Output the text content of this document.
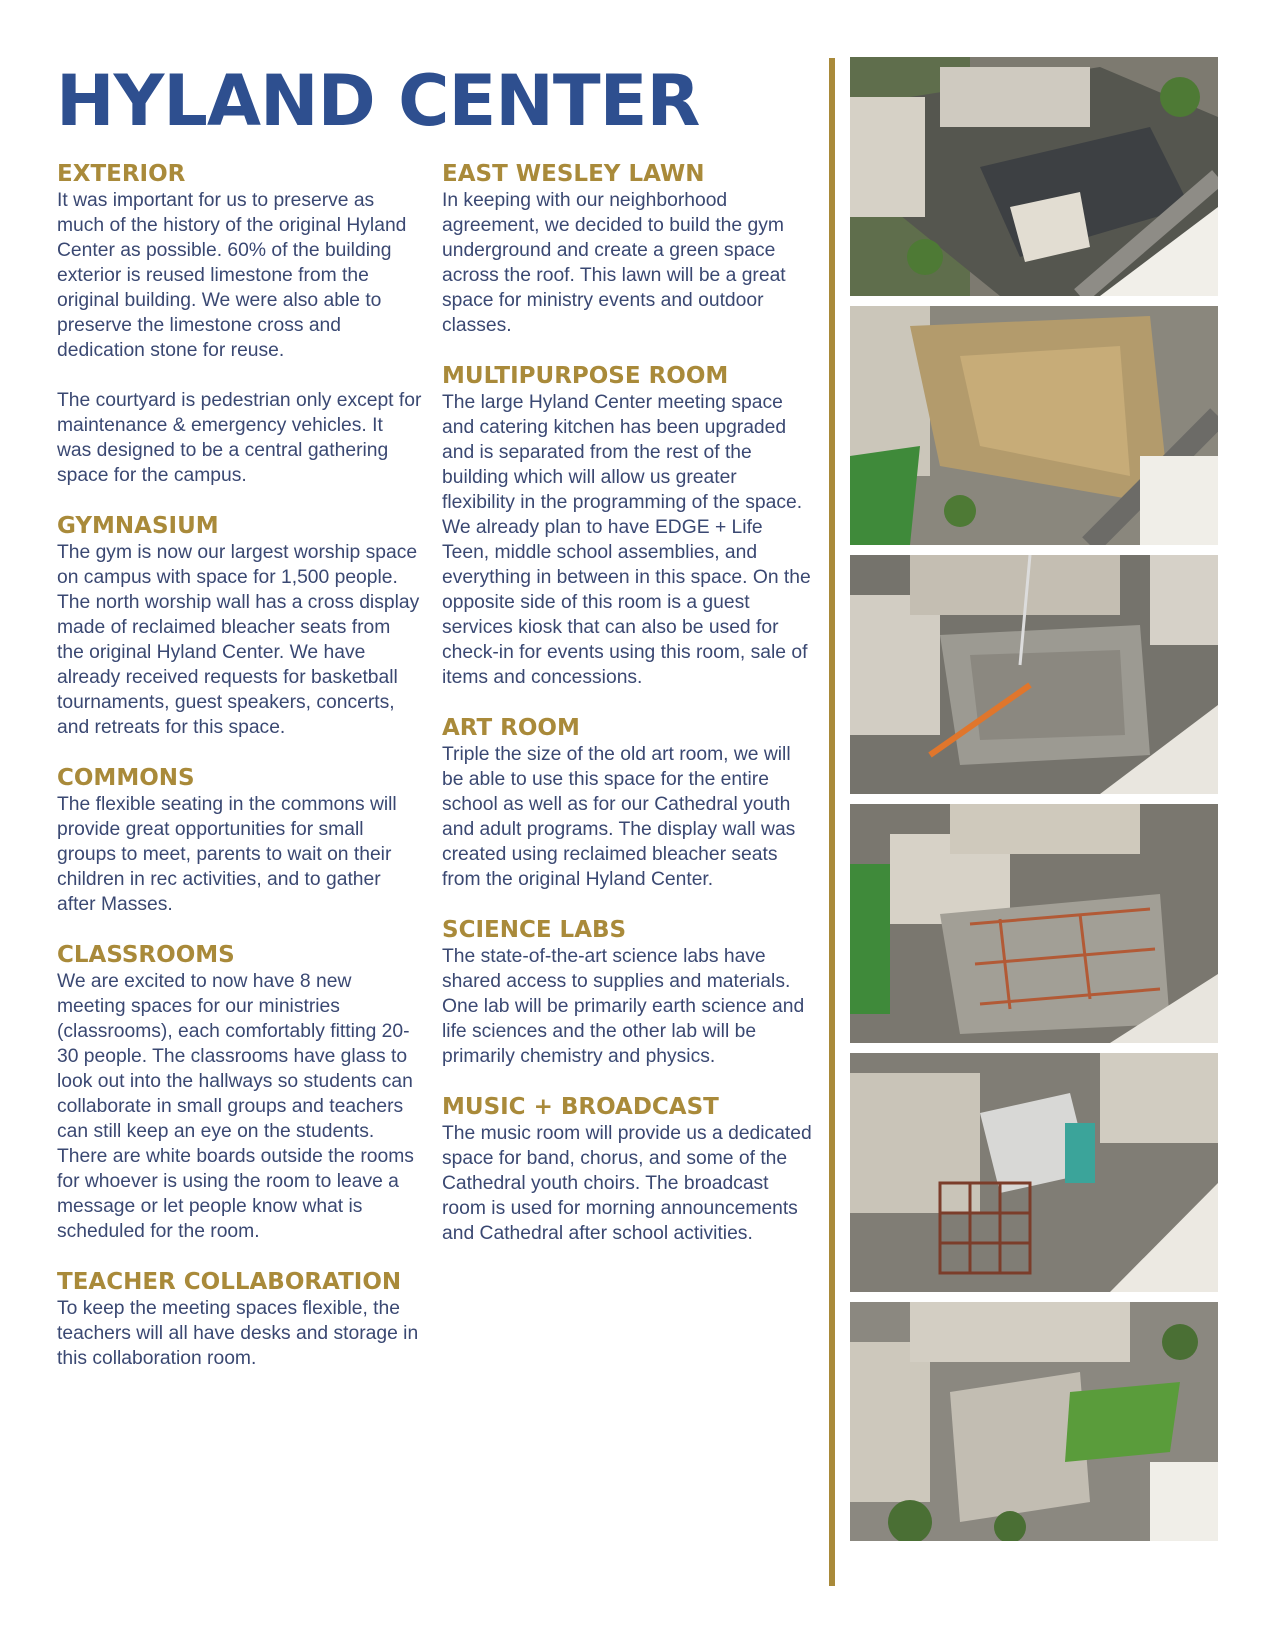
HYLAND CENTER
EXTERIOR

It was important for us to preserve as much of the history of the original Hyland Center as possible. 60% of the building exterior is reused limestone from the original building. We were also able to preserve the limestone cross and dedication stone for reuse.

The courtyard is pedestrian only except for maintenance & emergency vehicles. It was designed to be a central gathering space for the campus.

GYMNASIUM

The gym is now our largest worship space on campus with space for 1,500 people. The north worship wall has a cross display made of reclaimed bleacher seats from the original Hyland Center. We have already received requests for basketball tournaments, guest speakers, concerts, and retreats for this space.

COMMONS

The flexible seating in the commons will provide great opportunities for small groups to meet, parents to wait on their children in rec activities, and to gather after Masses.

CLASSROOMS

We are excited to now have 8 new meeting spaces for our ministries (classrooms), each comfortably fitting 20-30 people. The classrooms have glass to look out into the hallways so students can collaborate in small groups and teachers can still keep an eye on the students. There are white boards outside the rooms for whoever is using the room to leave a message or let people know what is scheduled for the room.

TEACHER COLLABORATION

To keep the meeting spaces flexible, the teachers will all have desks and storage in this collaboration room.

EAST WESLEY LAWN

In keeping with our neighborhood agreement, we decided to build the gym underground and create a green space across the roof. This lawn will be a great space for ministry events and outdoor classes.

MULTIPURPOSE ROOM

The large Hyland Center meeting space and catering kitchen has been upgraded and is separated from the rest of the building which will allow us greater flexibility in the programming of the space. We already plan to have EDGE + Life Teen, middle school assemblies, and everything in between in this space. On the opposite side of this room is a guest services kiosk that can also be used for check-in for events using this room, sale of items and concessions.

ART ROOM

Triple the size of the old art room, we will be able to use this space for the entire school as well as for our Cathedral youth and adult programs. The display wall was created using reclaimed bleacher seats from the original Hyland Center.

SCIENCE LABS

The state-of-the-art science labs have shared access to supplies and materials. One lab will be primarily earth science and life sciences and the other lab will be primarily chemistry and physics.

MUSIC + BROADCAST

The music room will provide us a dedicated space for band, chorus, and some of the Cathedral youth choirs. The broadcast room is used for morning announcements and Cathedral after school activities.
